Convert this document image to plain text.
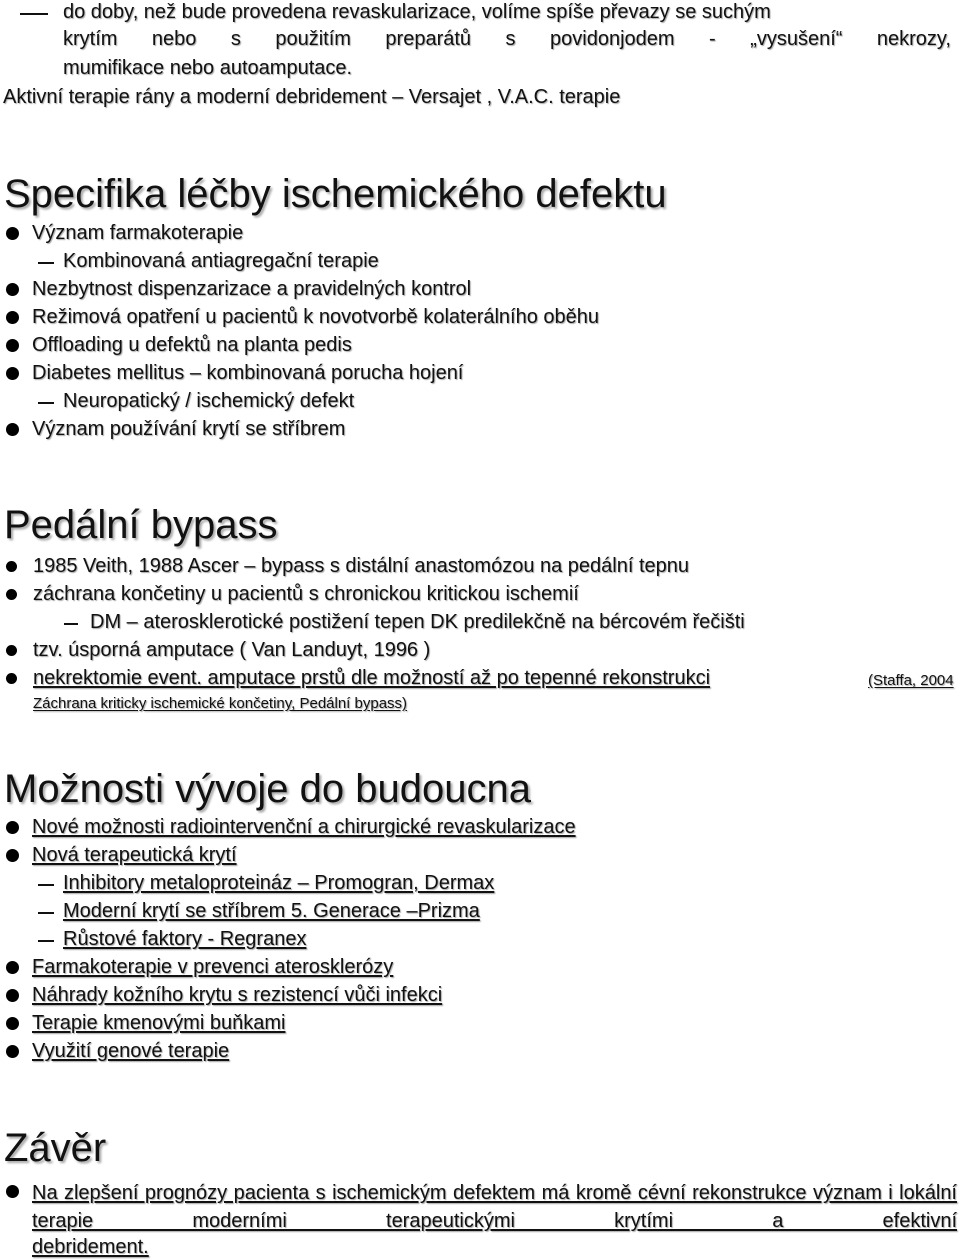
do doby, než bude provedena revaskularizace, volíme spíše převazy se suchým
krytím nebo s použitím preparátů s povidonjodem - „vysušení“ nekrozy,
mumifikace nebo autoamputace.
Aktivní terapie rány a moderní debridement – Versajet , V.A.C. terapie
Specifika léčby ischemického defektu
Význam farmakoterapie
Kombinovaná antiagregační terapie
Nezbytnost dispenzarizace a pravidelných kontrol
Režimová opatření u pacientů k novotvorbě kolaterálního oběhu
Offloading u defektů na planta pedis
Diabetes mellitus – kombinovaná porucha hojení
Neuropatický / ischemický defekt
Význam používání krytí se stříbrem
Pedální bypass
1985 Veith, 1988 Ascer – bypass s distální anastomózou na pedální tepnu
záchrana končetiny u pacientů s chronickou kritickou ischemií
DM – aterosklerotické postižení tepen DK predilekčně na bércovém řečišti
tzv. úsporná amputace ( Van Landuyt, 1996 )
nekrektomie event. amputace prstů dle možností až po tepenné rekonstrukci	(Staffa, 2004
Záchrana kriticky ischemické končetiny, Pedální bypass)
Možnosti vývoje do budoucna
Nové možnosti radiointervenční a chirurgické revaskularizace
Nová terapeutická krytí
Inhibitory metaloproteináz – Promogran, Dermax
Moderní krytí se stříbrem 5. Generace –Prizma
Růstové faktory - Regranex
Farmakoterapie v prevenci aterosklerózy
Náhrady kožního krytu s rezistencí vůči infekci
Terapie kmenovými buňkami
Využití genové terapie
Závěr
Na zlepšení prognózy pacienta s ischemickým defektem má kromě cévní rekonstrukce význam i lokální terapie moderními terapeutickými krytími a efektivní
debridement.
